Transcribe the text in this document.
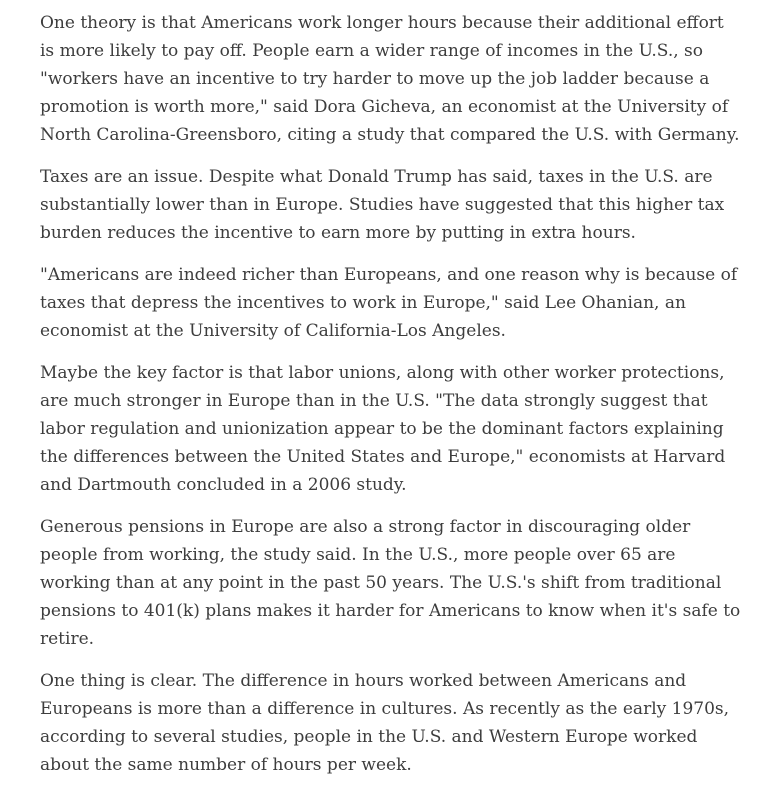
One theory is that Americans work longer hours because their additional effort is more likely to pay off. People earn a wider range of incomes in the U.S., so "workers have an incentive to try harder to move up the job ladder because a promotion is worth more," said Dora Gicheva, an economist at the University of North Carolina-Greensboro, citing a study that compared the U.S. with Germany.

Taxes are an issue. Despite what Donald Trump has said, taxes in the U.S. are substantially lower than in Europe. Studies have suggested that this higher tax burden reduces the incentive to earn more by putting in extra hours.

"Americans are indeed richer than Europeans, and one reason why is because of taxes that depress the incentives to work in Europe," said Lee Ohanian, an economist at the University of California-Los Angeles.

Maybe the key factor is that labor unions, along with other worker protections, are much stronger in Europe than in the U.S. "The data strongly suggest that labor regulation and unionization appear to be the dominant factors explaining the differences between the United States and Europe," economists at Harvard and Dartmouth concluded in a 2006 study.

Generous pensions in Europe are also a strong factor in discouraging older people from working, the study said. In the U.S., more people over 65 are working than at any point in the past 50 years. The U.S.'s shift from traditional pensions to 401(k) plans makes it harder for Americans to know when it's safe to retire.

One thing is clear. The difference in hours worked between Americans and Europeans is more than a difference in cultures. As recently as the early 1970s, according to several studies, people in the U.S. and Western Europe worked about the same number of hours per week.
